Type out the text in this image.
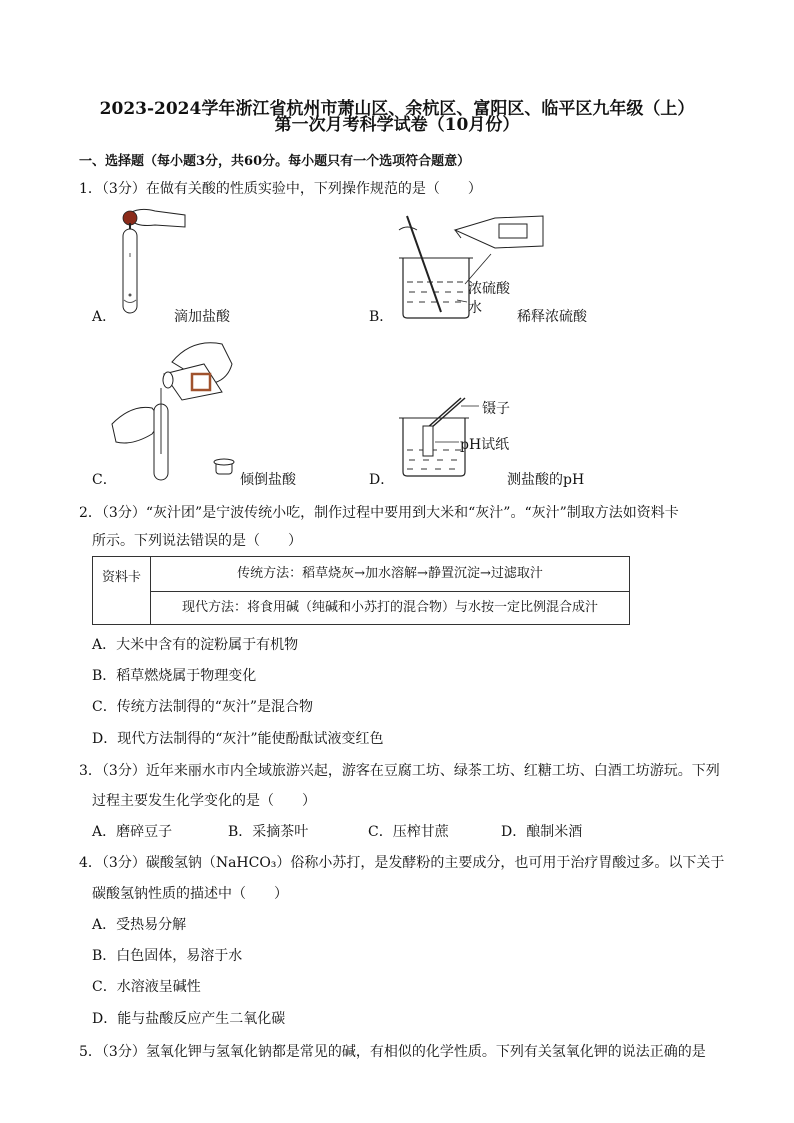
2023-2024学年浙江省杭州市萧山区、余杭区、富阳区、临平区九年级（上）
第一次月考科学试卷（10月份）
一、选择题（每小题3分，共60分。每小题只有一个选项符合题意）
1．（3分）在做有关酸的性质实验中，下列操作规范的是（　　）
A．	滴加盐酸
浓硫酸
水
B．	稀释浓硫酸
C．	倾倒盐酸
镊子
pH试纸
D．	测盐酸的pH
2．（3分）“灰汁团”是宁波传统小吃，制作过程中要用到大米和“灰汁”。“灰汁”制取方法如资料卡
所示。下列说法错误的是（　　）
资料卡	传统方法：稻草烧灰→加水溶解→静置沉淀→过滤取汁
现代方法：将食用碱（纯碱和小苏打的混合物）与水按一定比例混合成汁
A．大米中含有的淀粉属于有机物
B．稻草燃烧属于物理变化
C．传统方法制得的“灰汁”是混合物
D．现代方法制得的“灰汁”能使酚酞试液变红色
3．（3分）近年来丽水市内全域旅游兴起，游客在豆腐工坊、绿茶工坊、红糖工坊、白酒工坊游玩。下列
过程主要发生化学变化的是（　　）
A．磨碎豆子	B．采摘茶叶	C．压榨甘蔗	D．酿制米酒
4．（3分）碳酸氢钠（NaHCO₃）俗称小苏打，是发酵粉的主要成分，也可用于治疗胃酸过多。以下关于
碳酸氢钠性质的描述中（　　）
A．受热易分解
B．白色固体，易溶于水
C．水溶液呈碱性
D．能与盐酸反应产生二氧化碳
5．（3分）氢氧化钾与氢氧化钠都是常见的碱，有相似的化学性质。下列有关氢氧化钾的说法正确的是
